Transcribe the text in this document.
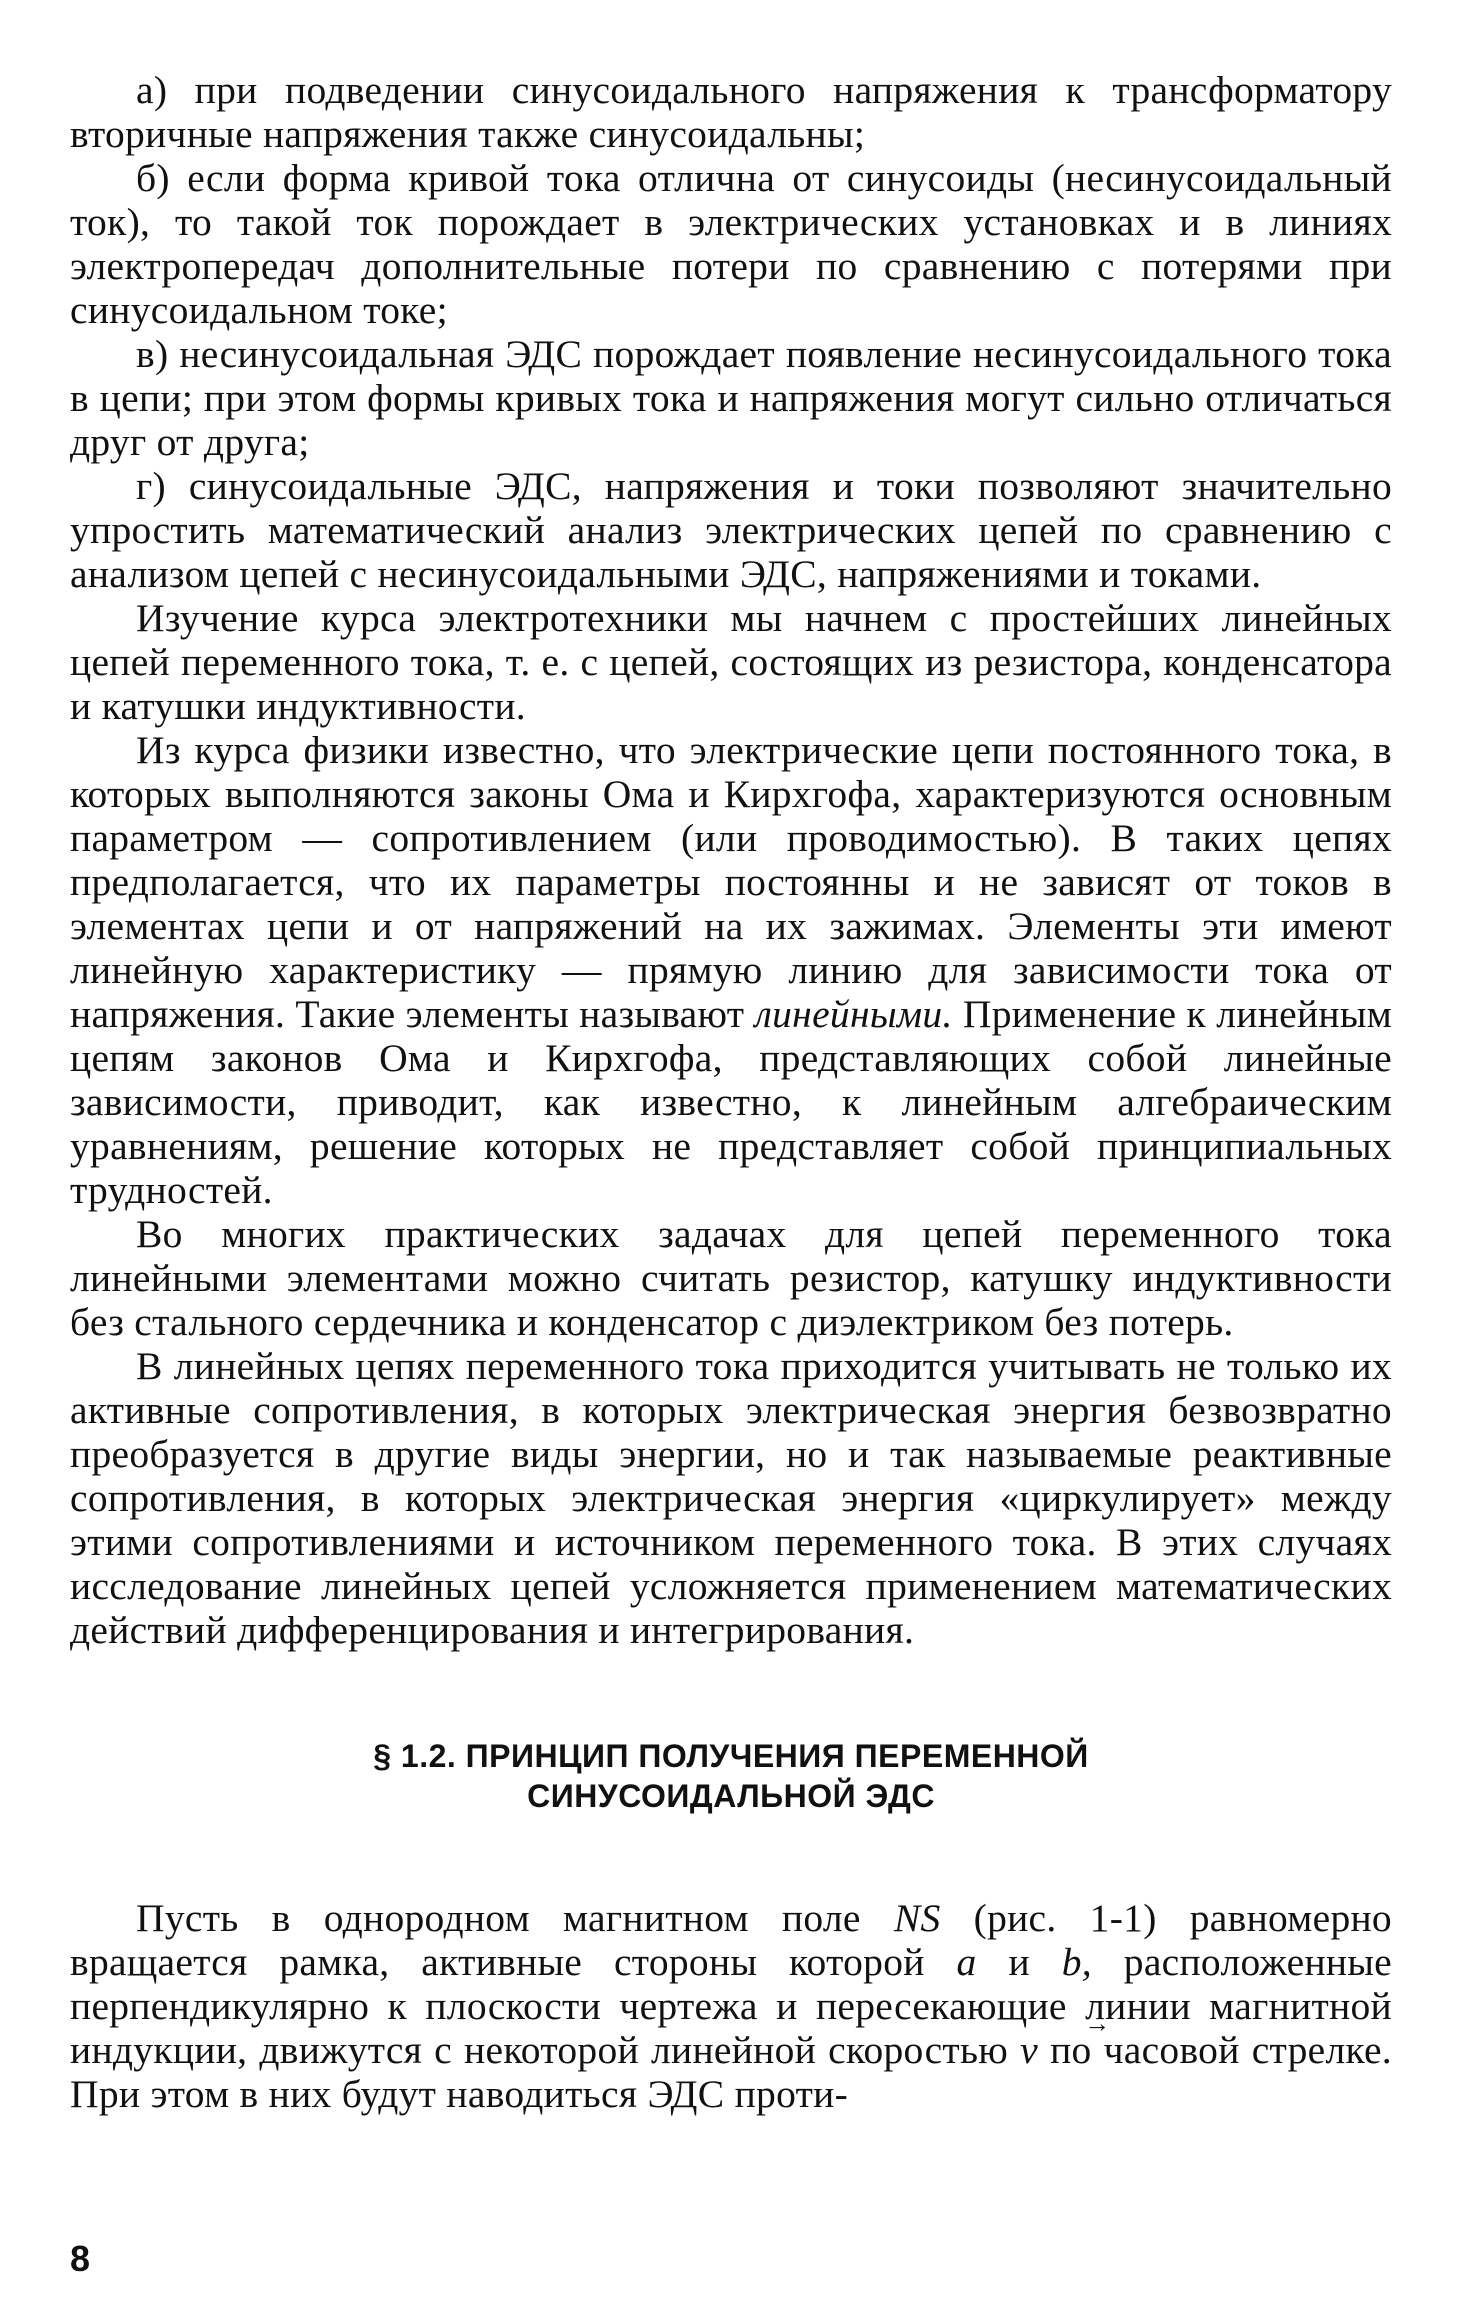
а) при подведении синусоидального напряжения к трансформатору вторичные напряжения также синусоидальны;

б) если форма кривой тока отлична от синусоиды (несинусоидальный ток), то такой ток порождает в электрических установках и в линиях электропередач дополнительные потери по сравнению с потерями при синусоидальном токе;

в) несинусоидальная ЭДС порождает появление несинусоидального тока в цепи; при этом формы кривых тока и напряжения могут сильно отличаться друг от друга;

г) синусоидальные ЭДС, напряжения и токи позволяют значительно упростить математический анализ электрических цепей по сравнению с анализом цепей с несинусоидальными ЭДС, напряжениями и токами.

Изучение курса электротехники мы начнем с простейших линейных цепей переменного тока, т. е. с цепей, состоящих из резистора, конденсатора и катушки индуктивности.

Из курса физики известно, что электрические цепи постоянного тока, в которых выполняются законы Ома и Кирхгофа, характеризуются основным параметром — сопротивлением (или проводимостью). В таких цепях предполагается, что их параметры постоянны и не зависят от токов в элементах цепи и от напряжений на их зажимах. Элементы эти имеют линейную характеристику — прямую линию для зависимости тока от напряжения. Такие элементы называют линейными. Применение к линейным цепям законов Ома и Кирхгофа, представляющих собой линейные зависимости, приводит, как известно, к линейным алгебраическим уравнениям, решение которых не представляет собой принципиальных трудностей.

Во многих практических задачах для цепей переменного тока линейными элементами можно считать резистор, катушку индуктивности без стального сердечника и конденсатор с диэлектриком без потерь.

В линейных цепях переменного тока приходится учитывать не только их активные сопротивления, в которых электрическая энергия безвозвратно преобразуется в другие виды энергии, но и так называемые реактивные сопротивления, в которых электрическая энергия «циркулирует» между этими сопротивлениями и источником переменного тока. В этих случаях исследование линейных цепей усложняется применением математических действий дифференцирования и интегрирования.

§ 1.2. ПРИНЦИП ПОЛУЧЕНИЯ ПЕРЕМЕННОЙ
СИНУСОИДАЛЬНОЙ ЭДС

Пусть в однородном магнитном поле NS (рис. 1-1) равномерно вращается рамка, активные стороны которой a и b, расположенные перпендикулярно к плоскости чертежа и пересекающие линии магнитной индукции, движутся с некоторой линейной скоростью → v по часовой стрелке. При этом в них будут наводиться ЭДС проти-

8
